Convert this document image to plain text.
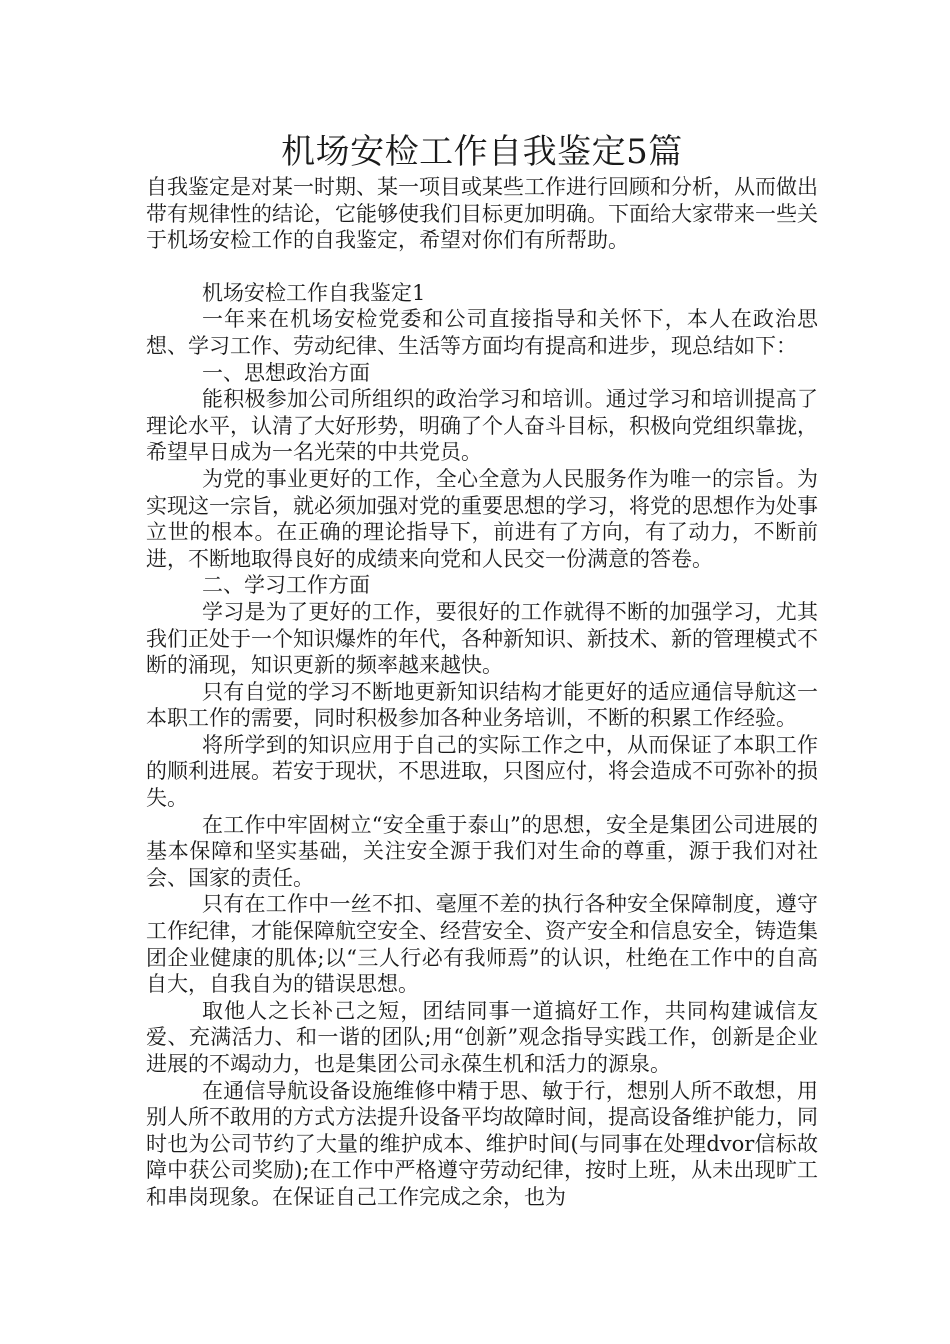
机场安检工作自我鉴定5篇

自我鉴定是对某一时期、某一项目或某些工作进行回顾和分析，从而做出带有规律性的结论，它能够使我们目标更加明确。下面给大家带来一些关于机场安检工作的自我鉴定，希望对你们有所帮助。

机场安检工作自我鉴定1

一年来在机场安检党委和公司直接指导和关怀下，本人在政治思想、学习工作、劳动纪律、生活等方面均有提高和进步，现总结如下：

一、思想政治方面

能积极参加公司所组织的政治学习和培训。通过学习和培训提高了理论水平，认清了大好形势，明确了个人奋斗目标，积极向党组织靠拢，希望早日成为一名光荣的中共党员。

为党的事业更好的工作，全心全意为人民服务作为唯一的宗旨。为实现这一宗旨，就必须加强对党的重要思想的学习，将党的思想作为处事立世的根本。在正确的理论指导下，前进有了方向，有了动力，不断前进，不断地取得良好的成绩来向党和人民交一份满意的答卷。

二、学习工作方面

学习是为了更好的工作，要很好的工作就得不断的加强学习，尤其我们正处于一个知识爆炸的年代，各种新知识、新技术、新的管理模式不断的涌现，知识更新的频率越来越快。

只有自觉的学习不断地更新知识结构才能更好的适应通信导航这一本职工作的需要，同时积极参加各种业务培训，不断的积累工作经验。

将所学到的知识应用于自己的实际工作之中，从而保证了本职工作的顺利进展。若安于现状，不思进取，只图应付，将会造成不可弥补的损失。

在工作中牢固树立“安全重于泰山”的思想，安全是集团公司进展的基本保障和坚实基础，关注安全源于我们对生命的尊重，源于我们对社会、国家的责任。

只有在工作中一丝不扣、毫厘不差的执行各种安全保障制度，遵守工作纪律，才能保障航空安全、经营安全、资产安全和信息安全，铸造集团企业健康的肌体;以“三人行必有我师焉”的认识，杜绝在工作中的自高自大，自我自为的错误思想。

取他人之长补己之短，团结同事一道搞好工作，共同构建诚信友爱、充满活力、和一谐的团队;用“创新”观念指导实践工作，创新是企业进展的不竭动力，也是集团公司永葆生机和活力的源泉。

在通信导航设备设施维修中精于思、敏于行，想别人所不敢想，用别人所不敢用的方式方法提升设备平均故障时间，提高设备维护能力，同时也为公司节约了大量的维护成本、维护时间(与同事在处理dvor信标故障中获公司奖励);在工作中严格遵守劳动纪律，按时上班，从未出现旷工和串岗现象。在保证自己工作完成之余，也为
